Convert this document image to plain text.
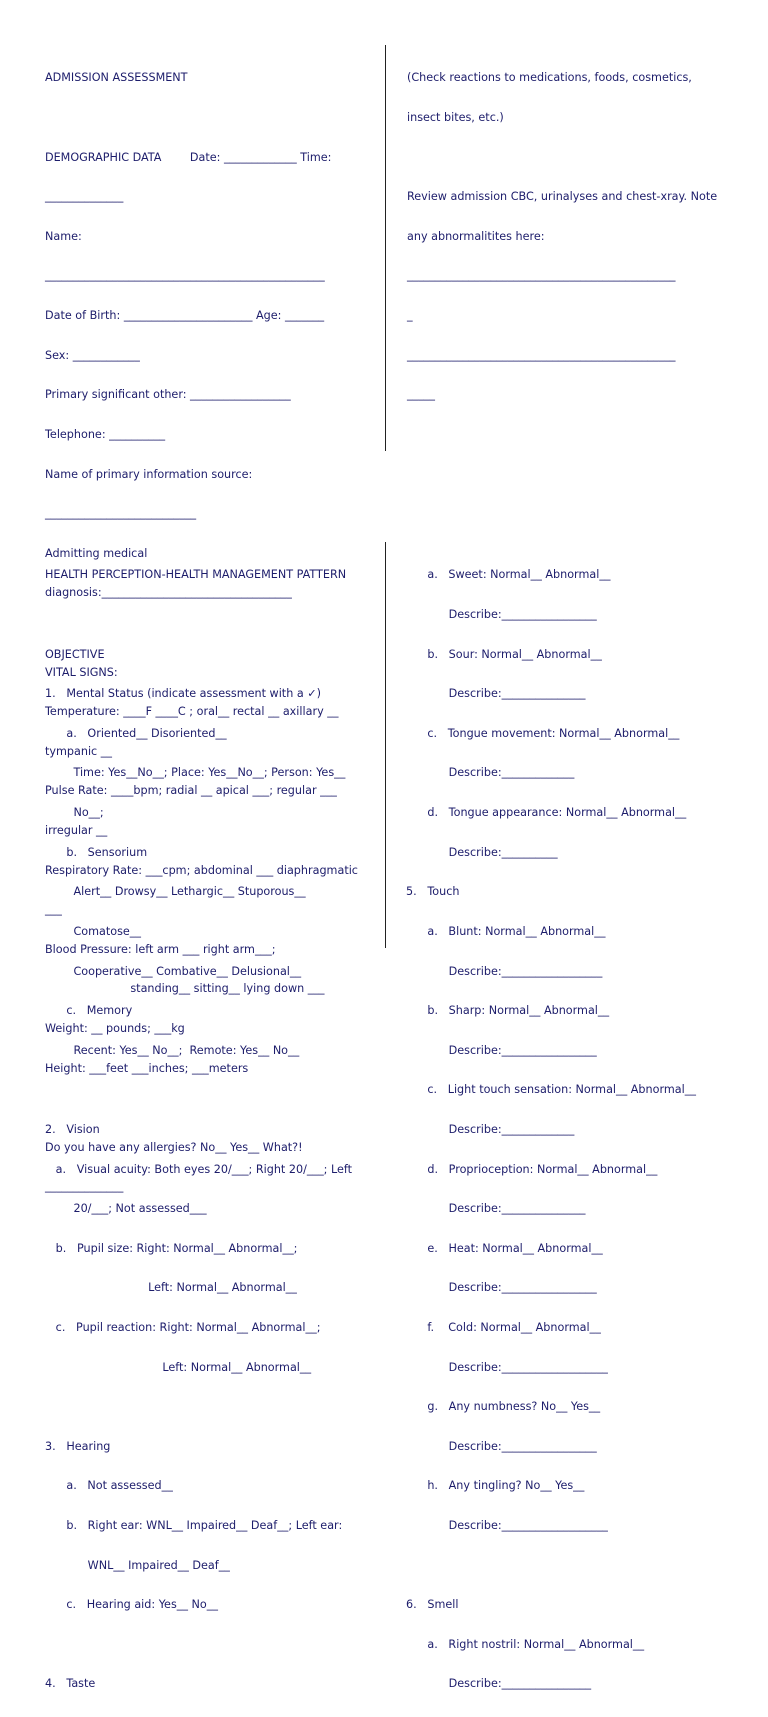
ADMISSION ASSESSMENT

DEMOGRAPHIC DATA        Date: _____________ Time:

______________

Name:

__________________________________________________

Date of Birth: _______________________ Age: _______

Sex: ____________

Primary significant other: __________________

Telephone: __________

Name of primary information source:

___________________________

Admitting medical

diagnosis:__________________________________

VITAL SIGNS:

Temperature: ____F ____C ; oral__ rectal __ axillary __

tympanic __

Pulse Rate: ____bpm; radial __ apical ___; regular ___

irregular __

Respiratory Rate: ___cpm; abdominal ___ diaphragmatic

___

Blood Pressure: left arm ___ right arm___;

standing__ sitting__ lying down ___

Weight: __ pounds; ___kg

Height: ___feet ___inches; ___meters

Do you have any allergies? No__ Yes__ What?!

______________

(Check reactions to medications, foods, cosmetics,

insect bites, etc.)

Review admission CBC, urinalyses and chest-xray. Note

any abnormalitites here:

________________________________________________

_

________________________________________________

_____

HEALTH PERCEPTION-HEALTH MANAGEMENT PATTERN

OBJECTIVE

1.   Mental Status (indicate assessment with a ✓)

a.   Oriented__ Disoriented__

Time: Yes__No__; Place: Yes__No__; Person: Yes__

No__;

b.   Sensorium

Alert__ Drowsy__ Lethargic__ Stuporous__

Comatose__

Cooperative__ Combative__ Delusional__

c.   Memory

Recent: Yes__ No__;  Remote: Yes__ No__

2.   Vision

a.   Visual acuity: Both eyes 20/___; Right 20/___; Left

20/___; Not assessed___

b.   Pupil size: Right: Normal__ Abnormal__;

Left: Normal__ Abnormal__

c.   Pupil reaction: Right: Normal__ Abnormal__;

Left: Normal__ Abnormal__

3.   Hearing

a.   Not assessed__

b.   Right ear: WNL__ Impaired__ Deaf__; Left ear:

WNL__ Impaired__ Deaf__

c.   Hearing aid: Yes__ No__

4.   Taste

a.   Sweet: Normal__ Abnormal__

Describe:_________________

b.   Sour: Normal__ Abnormal__

Describe:_______________

c.   Tongue movement: Normal__ Abnormal__

Describe:_____________

d.   Tongue appearance: Normal__ Abnormal__

Describe:__________

5.   Touch

a.   Blunt: Normal__ Abnormal__

Describe:__________________

b.   Sharp: Normal__ Abnormal__

Describe:_________________

c.   Light touch sensation: Normal__ Abnormal__

Describe:_____________

d.   Proprioception: Normal__ Abnormal__

Describe:_______________

e.   Heat: Normal__ Abnormal__

Describe:_________________

f.    Cold: Normal__ Abnormal__

Describe:___________________

g.   Any numbness? No__ Yes__

Describe:_________________

h.   Any tingling? No__ Yes__

Describe:___________________

6.   Smell

a.   Right nostril: Normal__ Abnormal__

Describe:________________
